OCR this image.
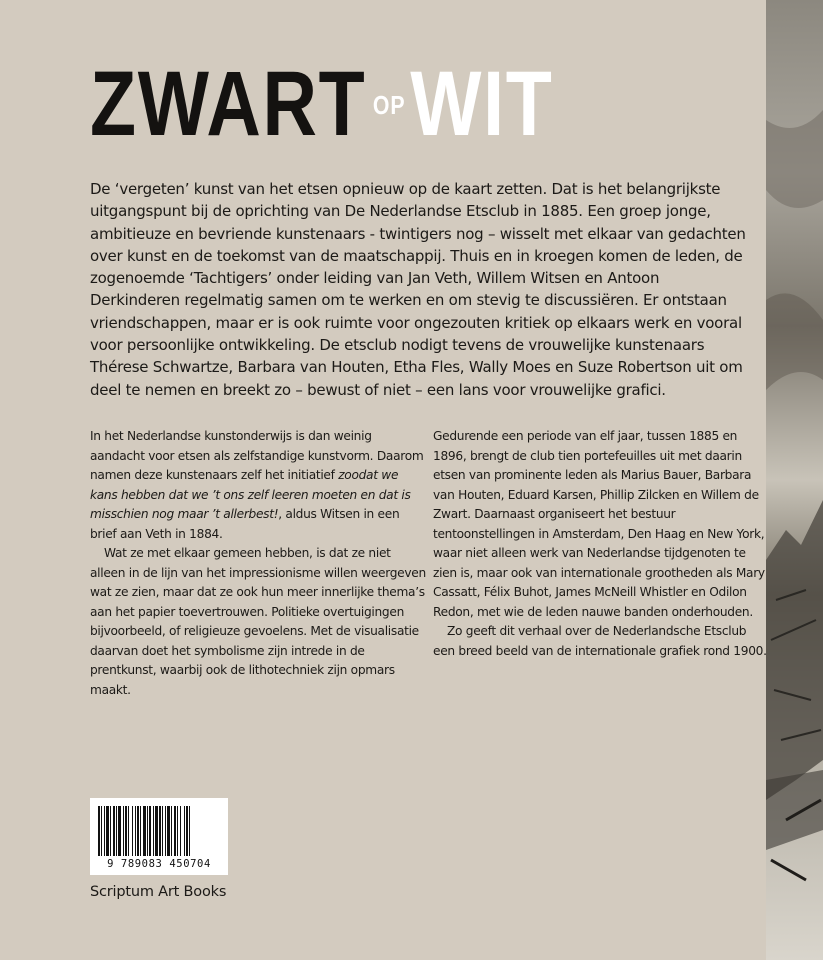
ZWART OP WIT

De ‘vergeten’ kunst van het etsen opnieuw op de kaart zetten. Dat is het belangrijkste uitgangspunt bij de oprichting van De Nederlandse Etsclub in 1885. Een groep jonge, ambitieuze en bevriende kunstenaars - twintigers nog – wisselt met elkaar van gedachten over kunst en de toekomst van de maatschappij. Thuis en in kroegen komen de leden, de zogenoemde ‘Tachtigers’ onder leiding van Jan Veth, Willem Witsen en Antoon Derkinderen regelmatig samen om te werken en om stevig te discussiëren. Er ontstaan vriendschappen, maar er is ook ruimte voor ongezouten kritiek op elkaars werk en vooral voor persoonlijke ontwikkeling. De etsclub nodigt tevens de vrouwelijke kunstenaars Thérese Schwartze, Barbara van Houten, Etha Fles, Wally Moes en Suze Robertson uit om deel te nemen en breekt zo – bewust of niet – een lans voor vrouwelijke grafici.

In het Nederlandse kunstonderwijs is dan weinig aandacht voor etsen als zelfstandige kunstvorm. Daarom namen deze kunstenaars zelf het initiatief zoodat we kans hebben dat we ’t ons zelf leeren moeten en dat is misschien nog maar ’t allerbest!, aldus Witsen in een brief aan Veth in 1884.

Wat ze met elkaar gemeen hebben, is dat ze niet alleen in de lijn van het impressionisme willen weergeven wat ze zien, maar dat ze ook hun meer innerlijke thema’s aan het papier toevertrouwen. Politieke overtuigingen bijvoorbeeld, of religieuze gevoelens. Met de visualisatie daarvan doet het symbolisme zijn intrede in de prentkunst, waarbij ook de lithotechniek zijn opmars maakt.

Gedurende een periode van elf jaar, tussen 1885 en 1896, brengt de club tien portefeuilles uit met daarin etsen van prominente leden als Marius Bauer, Barbara van Houten, Eduard Karsen, Phillip Zilcken en Willem de Zwart. Daarnaast organiseert het bestuur tentoonstellingen in Amsterdam, Den Haag en New York, waar niet alleen werk van Nederlandse tijdgenoten te zien is, maar ook van internationale grootheden als Mary Cassatt, Félix Buhot, James McNeill Whistler en Odilon Redon, met wie de leden nauwe banden onderhouden.

Zo geeft dit verhaal over de Nederlandsche Etsclub een breed beeld van de internationale grafiek rond 1900.

9 789083 450704
Scriptum Art Books
